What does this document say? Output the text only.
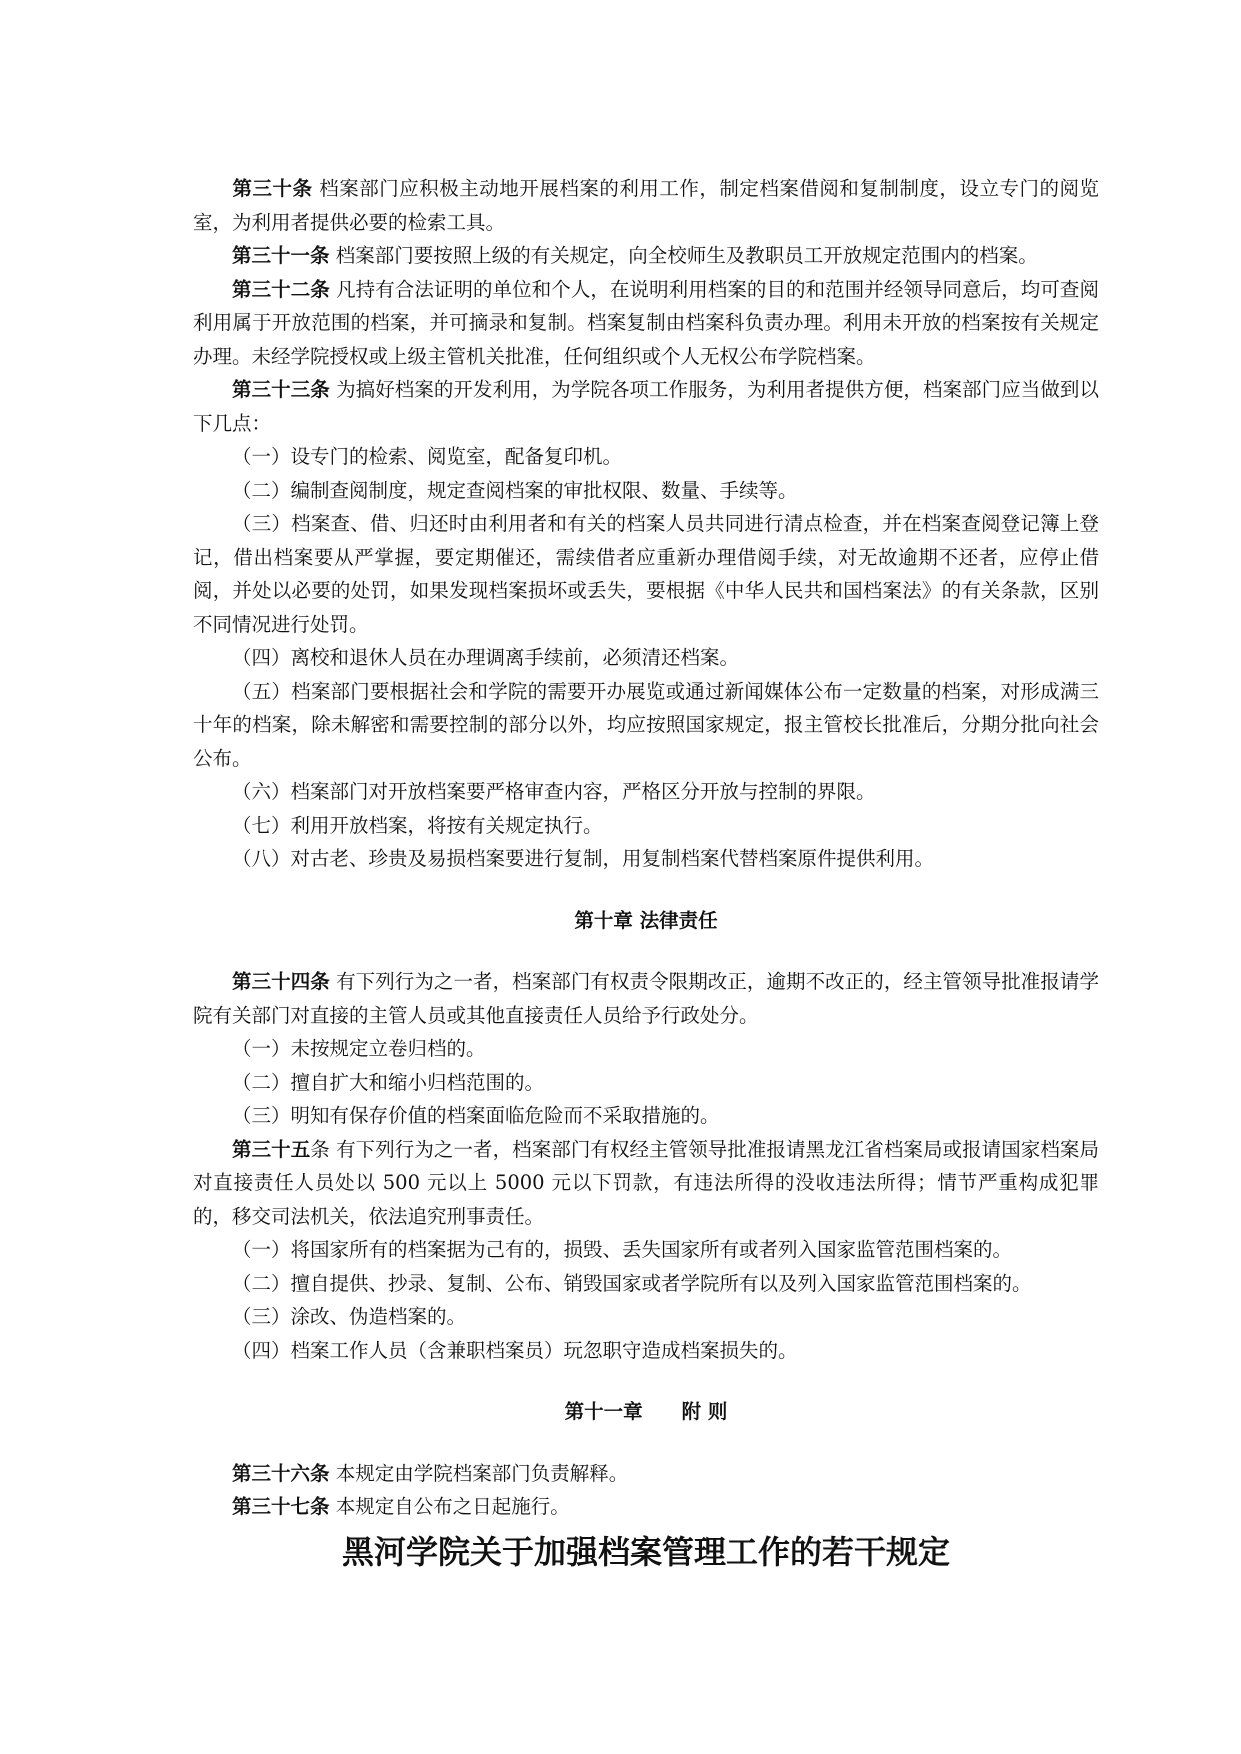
第三十条 档案部门应积极主动地开展档案的利用工作，制定档案借阅和复制制度，设立专门的阅览室，为利用者提供必要的检索工具。

第三十一条 档案部门要按照上级的有关规定，向全校师生及教职员工开放规定范围内的档案。

第三十二条 凡持有合法证明的单位和个人，在说明利用档案的目的和范围并经领导同意后，均可查阅利用属于开放范围的档案，并可摘录和复制。档案复制由档案科负责办理。利用未开放的档案按有关规定办理。未经学院授权或上级主管机关批准，任何组织或个人无权公布学院档案。

第三十三条 为搞好档案的开发利用，为学院各项工作服务，为利用者提供方便，档案部门应当做到以下几点：

（一）设专门的检索、阅览室，配备复印机。

（二）编制查阅制度，规定查阅档案的审批权限、数量、手续等。

（三）档案查、借、归还时由利用者和有关的档案人员共同进行清点检查，并在档案查阅登记簿上登记，借出档案要从严掌握，要定期催还，需续借者应重新办理借阅手续，对无故逾期不还者，应停止借阅，并处以必要的处罚，如果发现档案损坏或丢失，要根据《中华人民共和国档案法》的有关条款，区别不同情况进行处罚。

（四）离校和退休人员在办理调离手续前，必须清还档案。

（五）档案部门要根据社会和学院的需要开办展览或通过新闻媒体公布一定数量的档案，对形成满三十年的档案，除未解密和需要控制的部分以外，均应按照国家规定，报主管校长批准后，分期分批向社会公布。

（六）档案部门对开放档案要严格审查内容，严格区分开放与控制的界限。

（七）利用开放档案，将按有关规定执行。

（八）对古老、珍贵及易损档案要进行复制，用复制档案代替档案原件提供利用。

第十章 法律责任

第三十四条 有下列行为之一者，档案部门有权责令限期改正，逾期不改正的，经主管领导批准报请学院有关部门对直接的主管人员或其他直接责任人员给予行政处分。

（一）未按规定立卷归档的。

（二）擅自扩大和缩小归档范围的。

（三）明知有保存价值的档案面临危险而不采取措施的。

第三十五条 有下列行为之一者，档案部门有权经主管领导批准报请黑龙江省档案局或报请国家档案局对直接责任人员处以 500 元以上 5000 元以下罚款，有违法所得的没收违法所得；情节严重构成犯罪的，移交司法机关，依法追究刑事责任。

（一）将国家所有的档案据为己有的，损毁、丢失国家所有或者列入国家监管范围档案的。

（二）擅自提供、抄录、复制、公布、销毁国家或者学院所有以及列入国家监管范围档案的。

（三）涂改、伪造档案的。

（四）档案工作人员（含兼职档案员）玩忽职守造成档案损失的。

第十一章　　附 则

第三十六条 本规定由学院档案部门负责解释。

第三十七条 本规定自公布之日起施行。

黑河学院关于加强档案管理工作的若干规定
